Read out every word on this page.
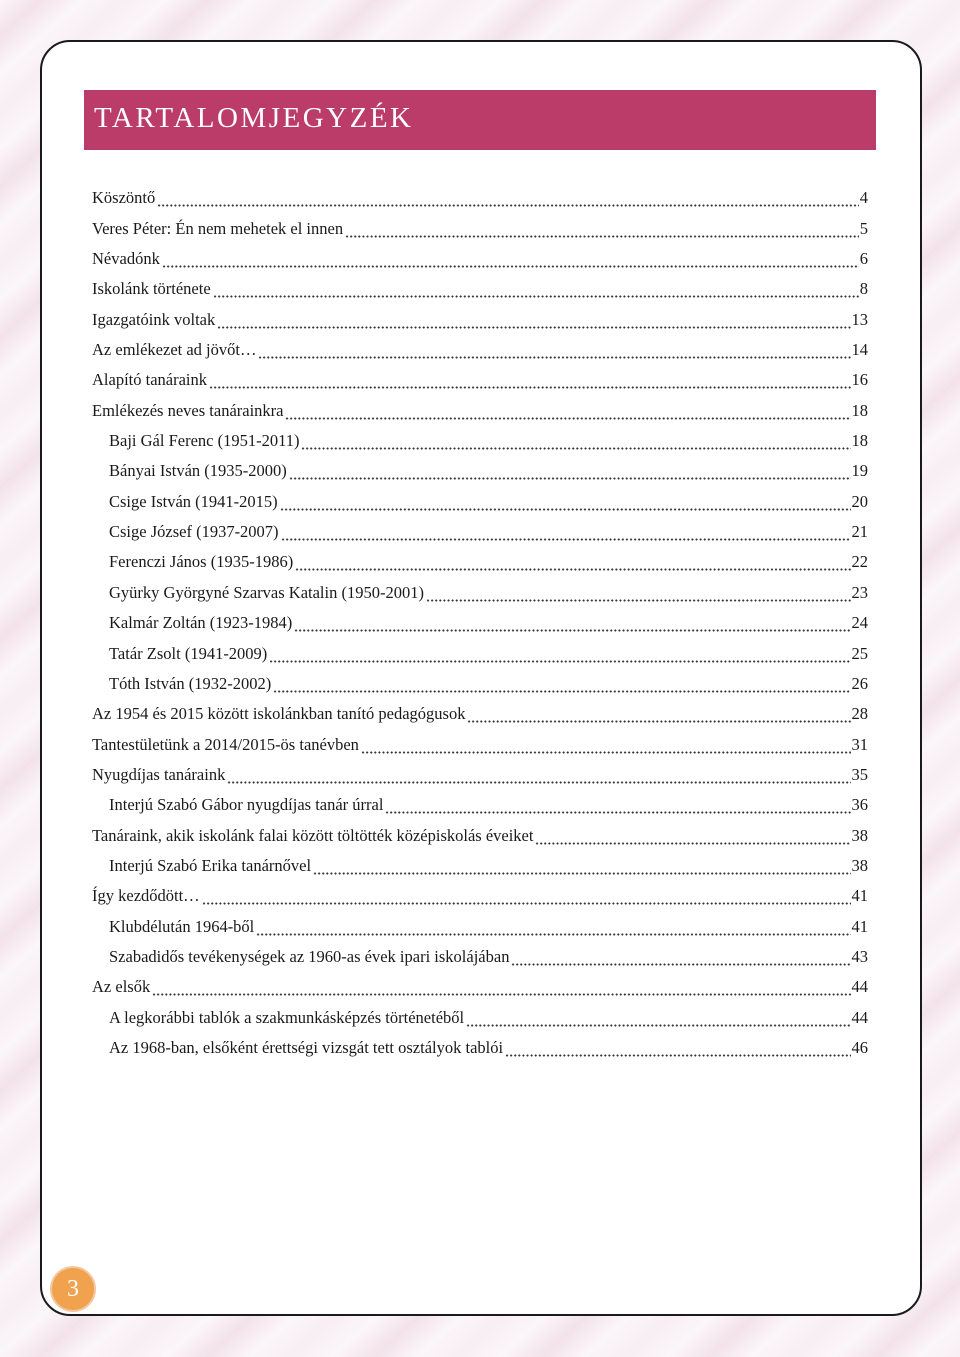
TARTALOMJEGYZÉK
Köszöntő	4
Veres Péter: Én nem mehetek el innen	5
Névadónk	6
Iskolánk története	8
Igazgatóink voltak	13
Az emlékezet ad jövőt…	14
Alapító tanáraink	16
Emlékezés neves tanárainkra	18
Baji Gál Ferenc (1951-2011)	18
Bányai István (1935-2000)	19
Csige István (1941-2015)	20
Csige József (1937-2007)	21
Ferenczi János (1935-1986)	22
Gyürky Györgyné Szarvas Katalin (1950-2001)	23
Kalmár Zoltán (1923-1984)	24
Tatár Zsolt (1941-2009)	25
Tóth István (1932-2002)	26
Az 1954 és 2015 között iskolánkban tanító pedagógusok	28
Tantestületünk a 2014/2015-ös tanévben	31
Nyugdíjas tanáraink	35
Interjú Szabó Gábor nyugdíjas tanár úrral	36
Tanáraink, akik iskolánk falai között töltötték középiskolás éveiket	38
Interjú Szabó Erika tanárnővel	38
Így kezdődött…	41
Klubdélután 1964-ből	41
Szabadidős tevékenységek az 1960-as évek ipari iskolájában	43
Az elsők	44
A legkorábbi tablók a szakmunkásképzés történetéből	44
Az 1968-ban, elsőként érettségi vizsgát tett osztályok tablói	46
3
